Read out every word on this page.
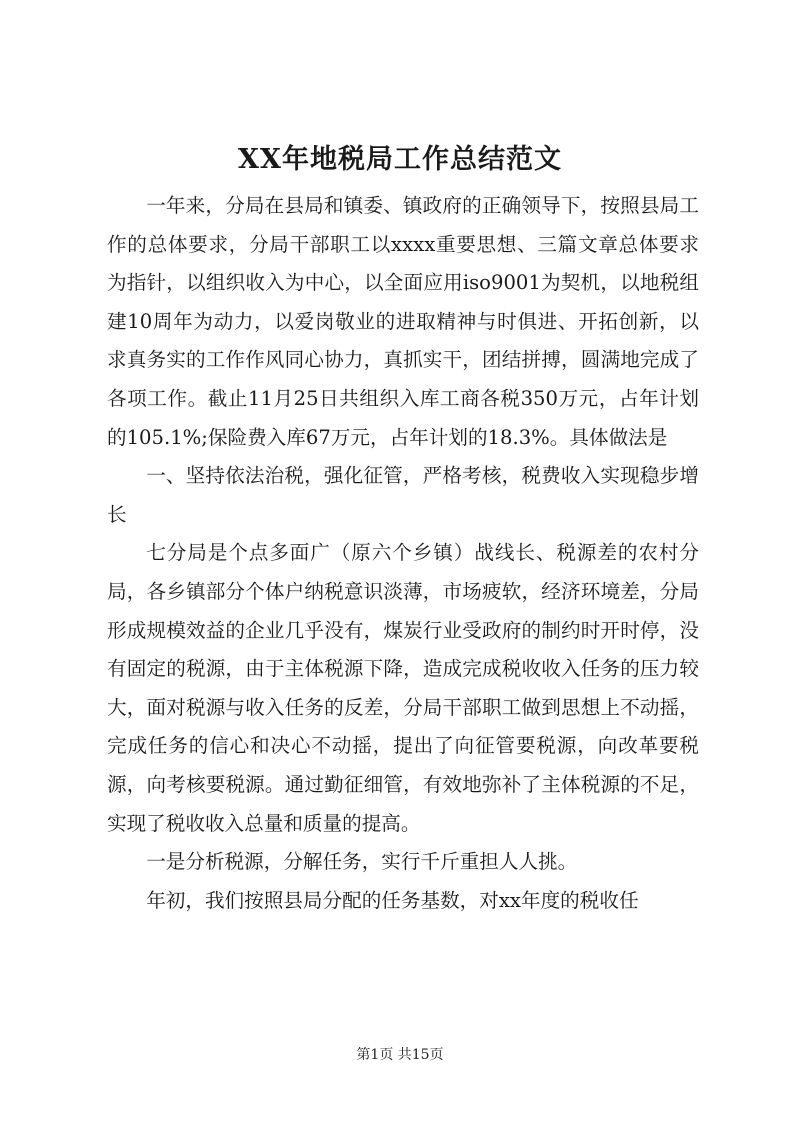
XX年地税局工作总结范文

一年来，分局在县局和镇委、镇政府的正确领导下，按照县局工作的总体要求，分局干部职工以xxxx重要思想、三篇文章总体要求为指针，以组织收入为中心，以全面应用iso9001为契机，以地税组建10周年为动力，以爱岗敬业的进取精神与时俱进、开拓创新，以求真务实的工作作风同心协力，真抓实干，团结拼搏，圆满地完成了各项工作。截止11月25日共组织入库工商各税350万元，占年计划的105.1%;保险费入库67万元，占年计划的18.3%。具体做法是

一、坚持依法治税，强化征管，严格考核，税费收入实现稳步增长

七分局是个点多面广（原六个乡镇）战线长、税源差的农村分局，各乡镇部分个体户纳税意识淡薄，市场疲软，经济环境差，分局形成规模效益的企业几乎没有，煤炭行业受政府的制约时开时停，没有固定的税源，由于主体税源下降，造成完成税收收入任务的压力较大，面对税源与收入任务的反差，分局干部职工做到思想上不动摇，完成任务的信心和决心不动摇，提出了向征管要税源，向改革要税源，向考核要税源。通过勤征细管，有效地弥补了主体税源的不足，实现了税收收入总量和质量的提高。

一是分析税源，分解任务，实行千斤重担人人挑。

年初，我们按照县局分配的任务基数，对xx年度的税收任

第1页 共15页
